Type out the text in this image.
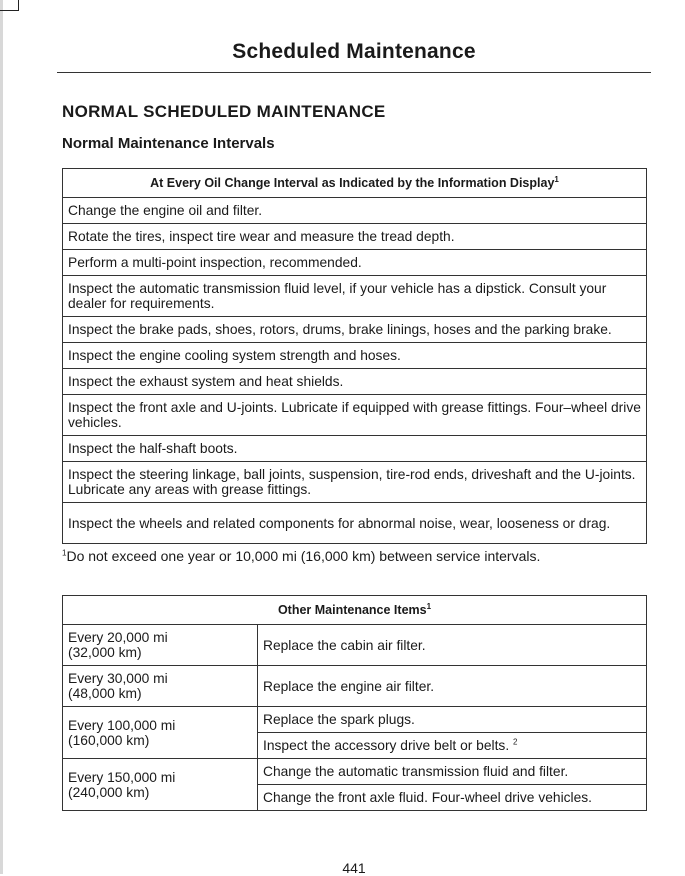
Scheduled Maintenance
NORMAL SCHEDULED MAINTENANCE
Normal Maintenance Intervals
At Every Oil Change Interval as Indicated by the Information Display$^1$
Change the engine oil and filter.
Rotate the tires, inspect tire wear and measure the tread depth.
Perform a multi-point inspection, recommended.
Inspect the automatic transmission fluid level, if your vehicle has a dipstick. Consult your dealer for requirements.
Inspect the brake pads, shoes, rotors, drums, brake linings, hoses and the parking brake.
Inspect the engine cooling system strength and hoses.
Inspect the exhaust system and heat shields.
Inspect the front axle and U-joints. Lubricate if equipped with grease fittings. Four–wheel drive vehicles.
Inspect the half-shaft boots.
Inspect the steering linkage, ball joints, suspension, tire-rod ends, driveshaft and the U-joints. Lubricate any areas with grease fittings.
Inspect the wheels and related components for abnormal noise, wear, looseness or drag.
$^1$Do not exceed one year or 10,000 mi (16,000 km) between service intervals.
Other Maintenance Items$^1$
Every 20,000 mi
(32,000 km)	Replace the cabin air filter.
Every 30,000 mi
(48,000 km)	Replace the engine air filter.
Every 100,000 mi
(160,000 km)	Replace the spark plugs.
	Inspect the accessory drive belt or belts. $^2$
Every 150,000 mi
(240,000 km)	Change the automatic transmission fluid and filter.
	Change the front axle fluid. Four-wheel drive vehicles.
441
